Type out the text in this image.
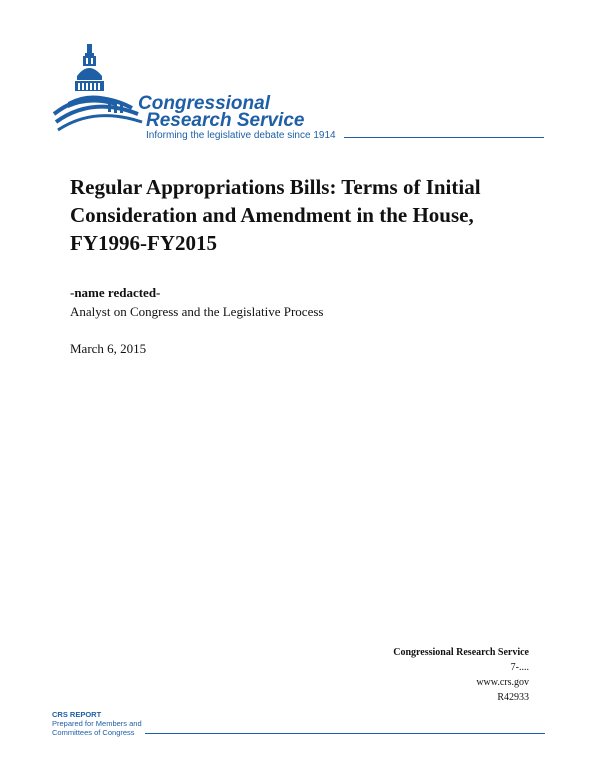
Congressional
Research Service
Informing the legislative debate since 1914
Regular Appropriations Bills: Terms of Initial Consideration and Amendment in the House, FY1996-FY2015
-name redacted-
Analyst on Congress and the Legislative Process
March 6, 2015
Congressional Research Service
7-....
www.crs.gov
R42933
CRS REPORT
Prepared for Members and
Committees of Congress
